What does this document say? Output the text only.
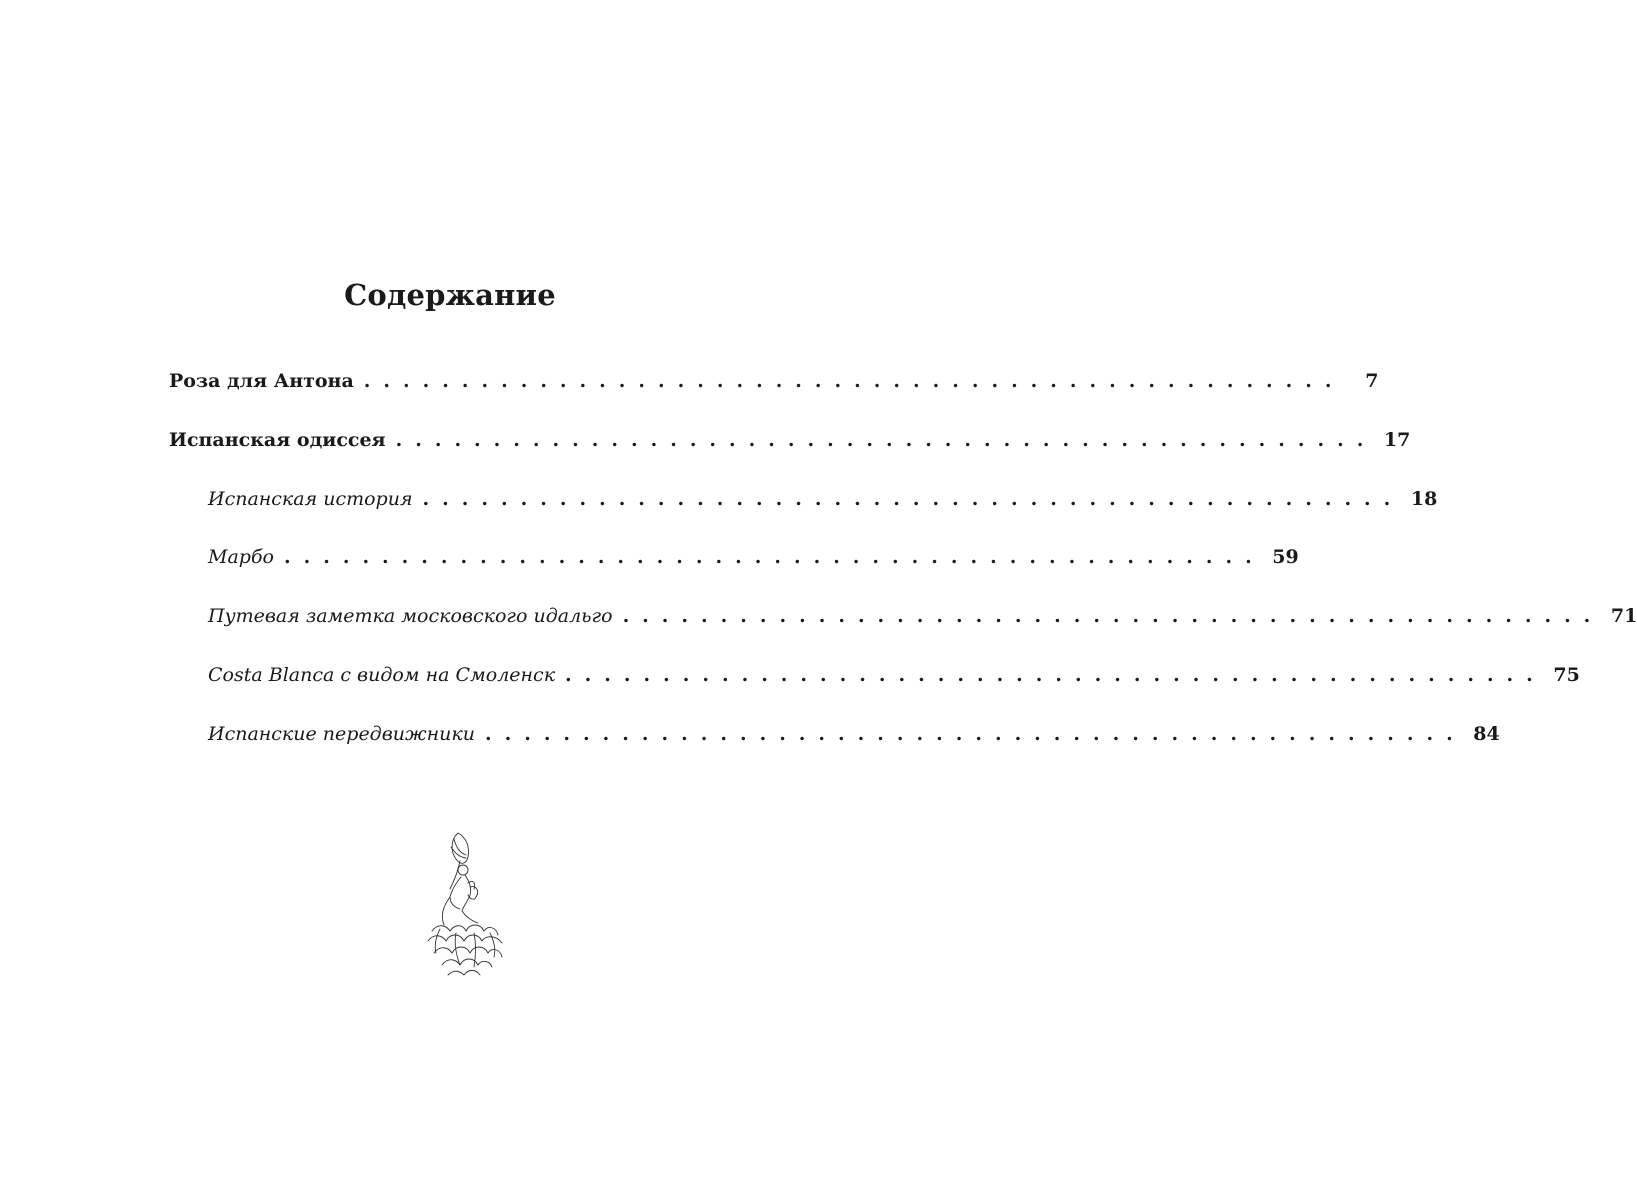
Содержание
Роза для Антона ..................................................	7
Испанская одиссея .................................................. 17
Испанская история .................................................. 18
Марбо .................................................. 59
Путевая заметка московского идальго .................................................. 71
Costa Blanca с видом на Смоленск .................................................. 75
Испанские передвижники .................................................. 84
